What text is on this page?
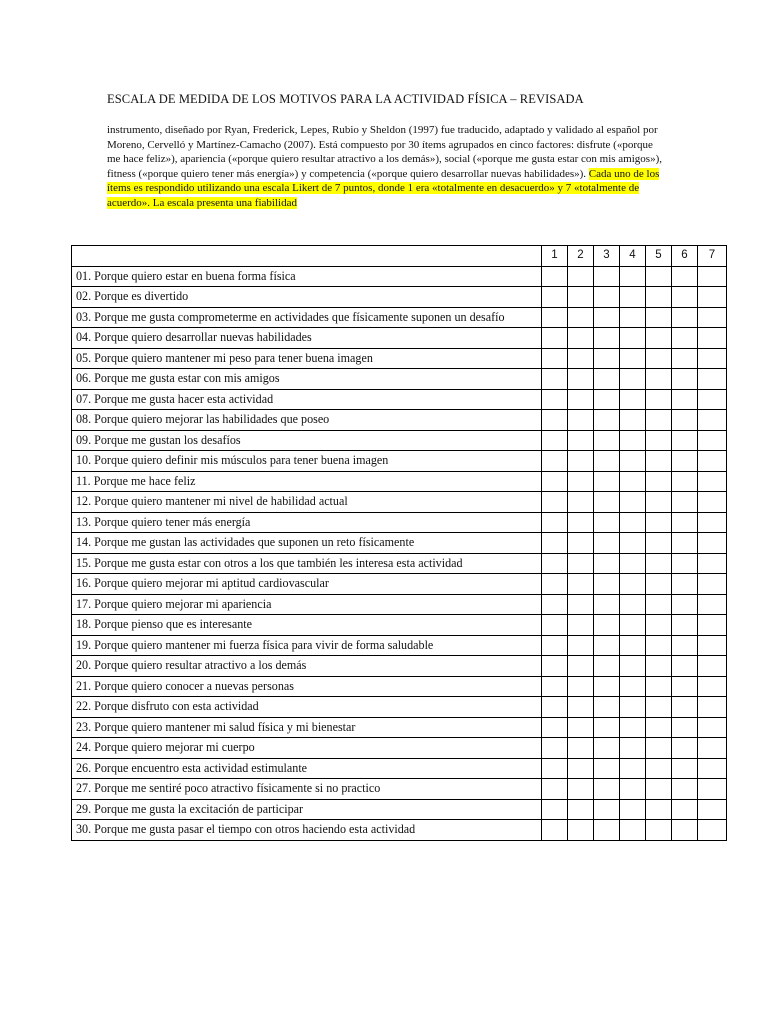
ESCALA DE MEDIDA DE LOS MOTIVOS PARA LA ACTIVIDAD FÍSICA – REVISADA
instrumento, diseñado por Ryan, Frederick, Lepes, Rubio y Sheldon (1997) fue traducido, adaptado y validado al español por Moreno, Cervelló y Martínez-Camacho (2007). Está compuesto por 30 ítems agrupados en cinco factores: disfrute («porque me hace feliz»), apariencia («porque quiero resultar atractivo a los demás»), social («porque me gusta estar con mis amigos»), fitness («porque quiero tener más energía») y competencia («porque quiero desarrollar nuevas habilidades»). Cada uno de los ítems es respondido utilizando una escala Likert de 7 puntos, donde 1 era «totalmente en desacuerdo» y 7 «totalmente de acuerdo». La escala presenta una fiabilidad
	1	2	3	4	5	6	7
01. Porque quiero estar en buena forma física							
02. Porque es divertido							
03. Porque me gusta comprometerme en actividades que físicamente suponen un desafío							
04. Porque quiero desarrollar nuevas habilidades							
05. Porque quiero mantener mi peso para tener buena imagen							
06. Porque me gusta estar con mis amigos							
07. Porque me gusta hacer esta actividad							
08. Porque quiero mejorar las habilidades que poseo							
09. Porque me gustan los desafíos							
10. Porque quiero definir mis músculos para tener buena imagen							
11. Porque me hace feliz							
12. Porque quiero mantener mi nivel de habilidad actual							
13. Porque quiero tener más energía							
14. Porque me gustan las actividades que suponen un reto físicamente							
15. Porque me gusta estar con otros a los que también les interesa esta actividad							
16. Porque quiero mejorar mi aptitud cardiovascular							
17. Porque quiero mejorar mi apariencia							
18. Porque pienso que es interesante							
19. Porque quiero mantener mi fuerza física para vivir de forma saludable							
20. Porque quiero resultar atractivo a los demás							
21. Porque quiero conocer a nuevas personas							
22. Porque disfruto con esta actividad							
23. Porque quiero mantener mi salud física y mi bienestar							
24. Porque quiero mejorar mi cuerpo							
26. Porque encuentro esta actividad estimulante							
27. Porque me sentiré poco atractivo físicamente si no practico							
29. Porque me gusta la excitación de participar							
30. Porque me gusta pasar el tiempo con otros haciendo esta actividad							
